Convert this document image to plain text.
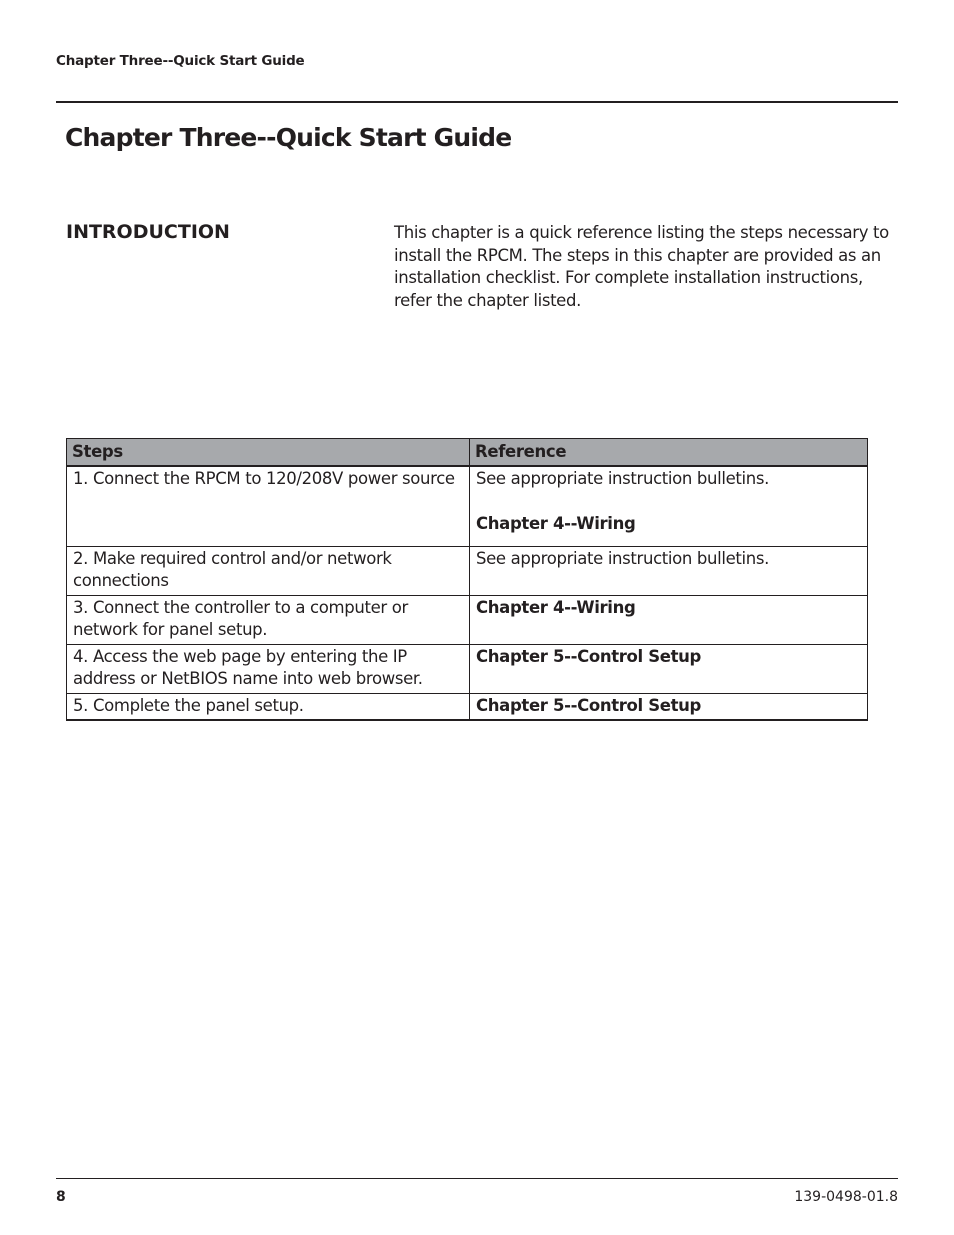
Chapter Three--Quick Start Guide
Chapter Three--Quick Start Guide
INTRODUCTION	This chapter is a quick reference listing the steps necessary to install the RPCM. The steps in this chapter are provided as an installation checklist. For complete installation instructions, refer the chapter listed.

Steps	Reference
1. Connect the RPCM to 120/208V power source	See appropriate instruction bulletins.
Chapter 4--Wiring

2. Make required control and/or network connections	See appropriate instruction bulletins.

3. Connect the controller to a computer or network for panel setup.	Chapter 4--Wiring

4. Access the web page by entering the IP address or NetBIOS name into web browser.	Chapter 5--Control Setup

5. Complete the panel setup.	Chapter 5--Control Setup
8	139-0498-01.8
